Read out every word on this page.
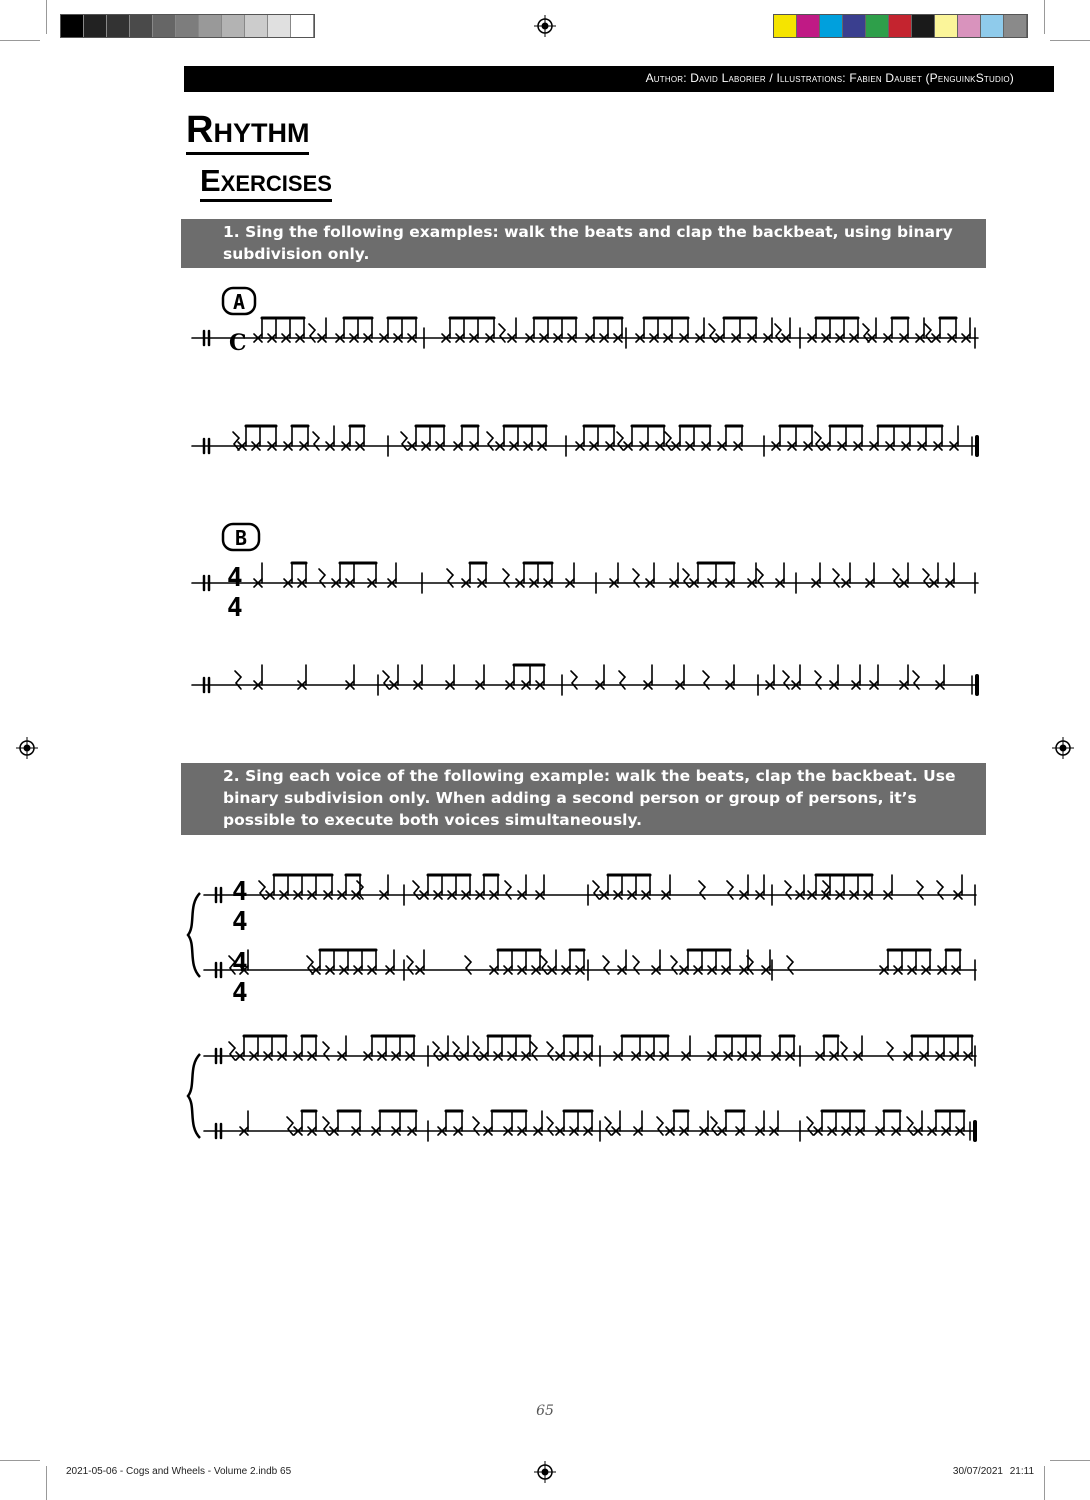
Author: David Laborier / Illustrations: Fabien Daubet (PenguinkStudio)
Rhythm
Exercises
1. Sing the following examples: walk the beats and clap the backbeat, using binary subdivision only.
2. Sing each voice of the following example: walk the beats, clap the backbeat. Use binary subdivision only. When adding a second person or group of persons, it’s possible to execute both voices simultaneously.
A
B
C
4
4
4
4
4
4
65
2021-05-06 - Cogs and Wheels - Volume 2.indb 65	30/07/2021 21:11
